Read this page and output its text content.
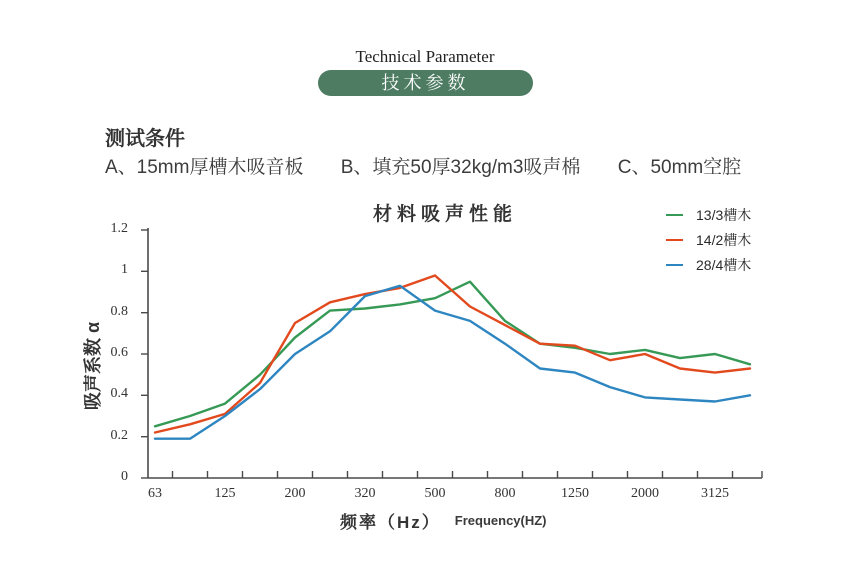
Technical Parameter
技术参数
测试条件
A、15mm厚槽木吸音板 B、填充50厚32kg/m3吸声棉 C、50mm空腔
材料吸声性能
吸声系数 α
频率（Hz） Frequency(HZ)
13/3槽木
14/2槽木
28/4槽木
0
0.2
0.4
0.6
0.8
1
1.2
63	125	200	320	500	800	1250	2000	3125
